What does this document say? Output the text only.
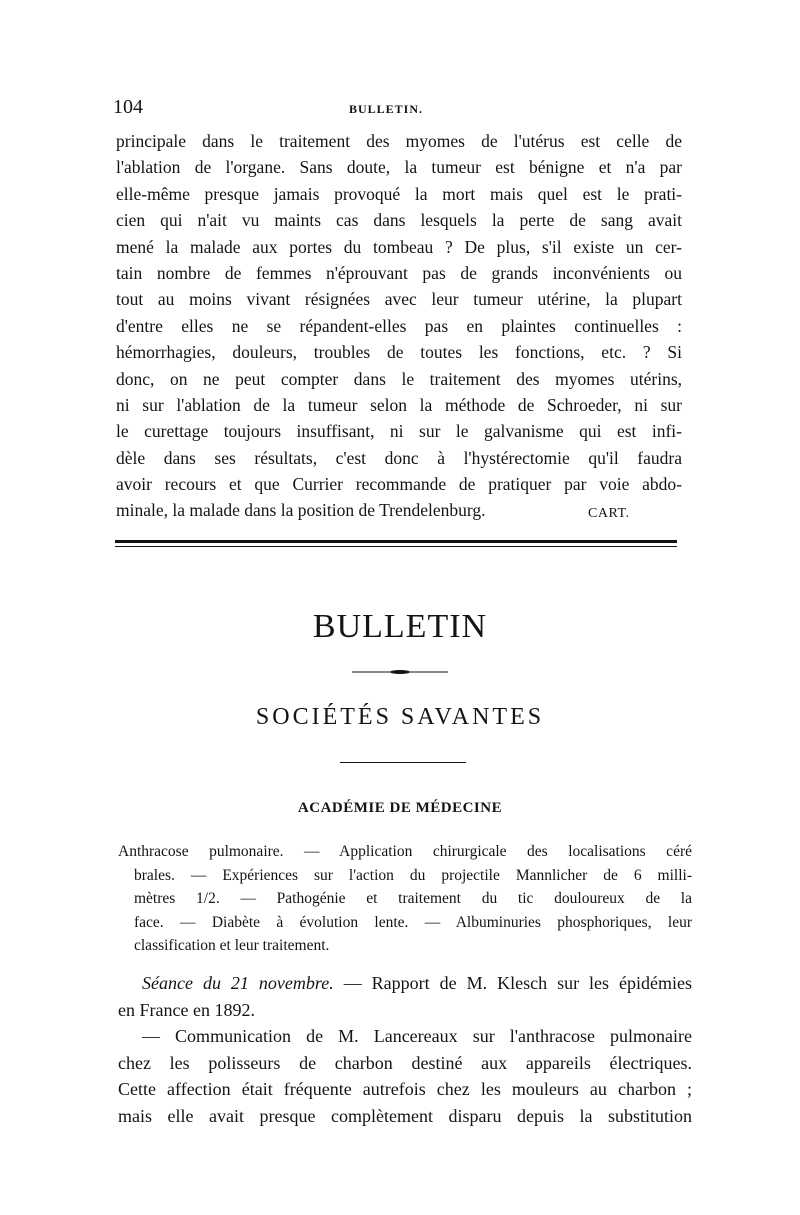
104	BULLETIN.
principale dans le traitement des myomes de l'utérus est celle de
l'ablation de l'organe. Sans doute, la tumeur est bénigne et n'a par
elle-même presque jamais provoqué la mort mais quel est le prati-
cien qui n'ait vu maints cas dans lesquels la perte de sang avait
mené la malade aux portes du tombeau ? De plus, s'il existe un cer-
tain nombre de femmes n'éprouvant pas de grands inconvénients ou
tout au moins vivant résignées avec leur tumeur utérine, la plupart
d'entre elles ne se répandent-elles pas en plaintes continuelles :
hémorrhagies, douleurs, troubles de toutes les fonctions, etc. ? Si
donc, on ne peut compter dans le traitement des myomes utérins,
ni sur l'ablation de la tumeur selon la méthode de Schroeder, ni sur
le curettage toujours insuffisant, ni sur le galvanisme qui est infi-
dèle dans ses résultats, c'est donc à l'hystérectomie qu'il faudra
avoir recours et que Currier recommande de pratiquer par voie abdo-
minale, la malade dans la position de Trendelenburg.	CART.
BULLETIN
SOCIÉTÉS SAVANTES
ACADÉMIE DE MÉDECINE
Anthracose pulmonaire. — Application chirurgicale des localisations céré
brales. — Expériences sur l'action du projectile Mannlicher de 6 milli-
mètres 1/2. — Pathogénie et traitement du tic douloureux de la
face. — Diabète à évolution lente. — Albuminuries phosphoriques, leur
classification et leur traitement.
Séance du 21 novembre. — Rapport de M. Klesch sur les épidémies
en France en 1892.
— Communication de M. Lancereaux sur l'anthracose pulmonaire
chez les polisseurs de charbon destiné aux appareils électriques.
Cette affection était fréquente autrefois chez les mouleurs au charbon ;
mais elle avait presque complètement disparu depuis la substitution
